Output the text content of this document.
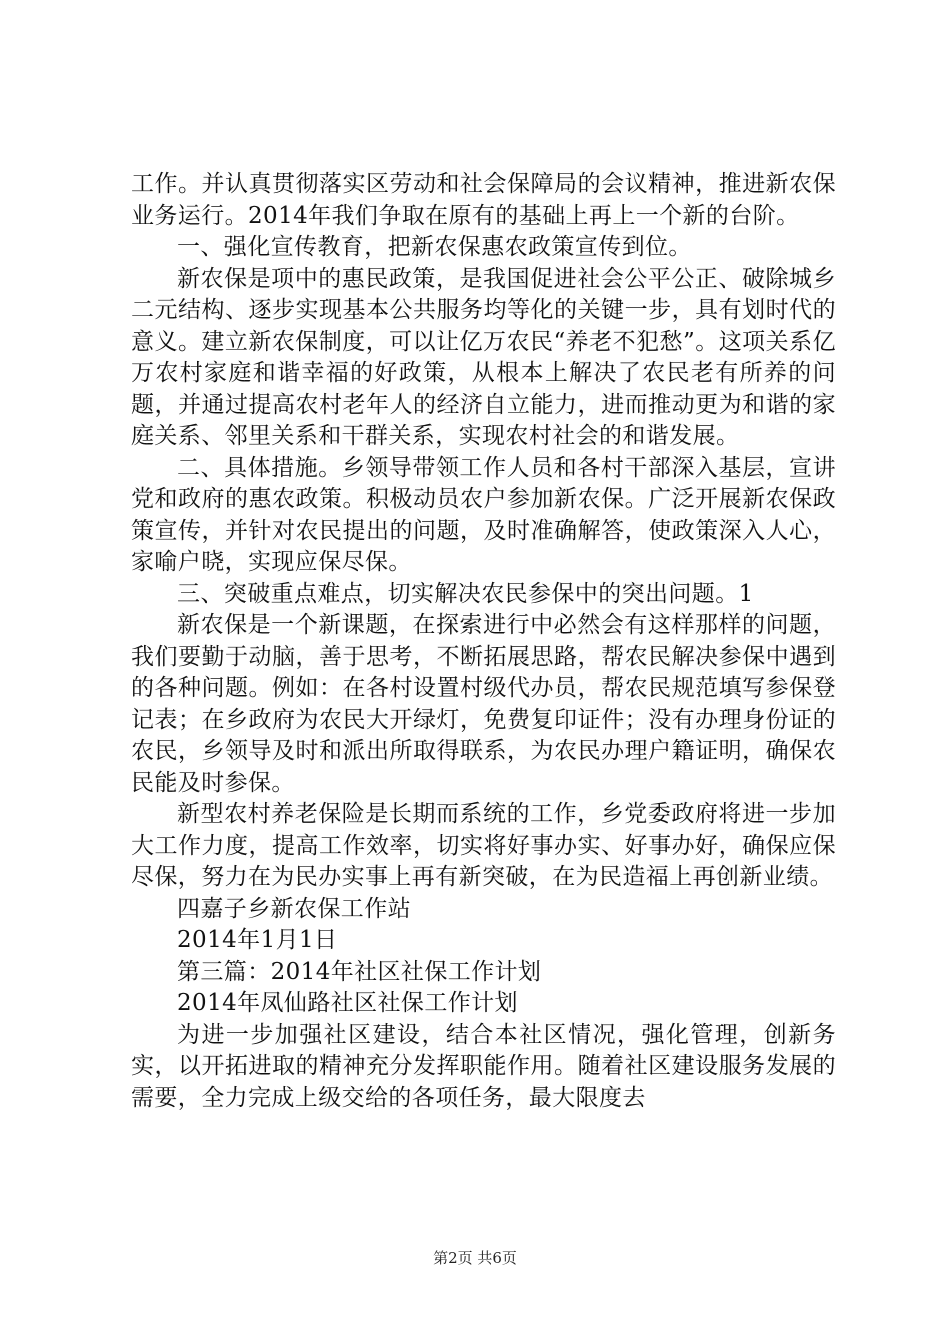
工作。并认真贯彻落实区劳动和社会保障局的会议精神，推进新农保业务运行。2014年我们争取在原有的基础上再上一个新的台阶。

一、强化宣传教育，把新农保惠农政策宣传到位。

新农保是项中的惠民政策，是我国促进社会公平公正、破除城乡二元结构、逐步实现基本公共服务均等化的关键一步，具有划时代的意义。建立新农保制度，可以让亿万农民“养老不犯愁”。这项关系亿万农村家庭和谐幸福的好政策，从根本上解决了农民老有所养的问题，并通过提高农村老年人的经济自立能力，进而推动更为和谐的家庭关系、邻里关系和干群关系，实现农村社会的和谐发展。

二、具体措施。乡领导带领工作人员和各村干部深入基层，宣讲党和政府的惠农政策。积极动员农户参加新农保。广泛开展新农保政策宣传，并针对农民提出的问题，及时准确解答，使政策深入人心，家喻户晓，实现应保尽保。

三、突破重点难点，切实解决农民参保中的突出问题。1

新农保是一个新课题，在探索进行中必然会有这样那样的问题，我们要勤于动脑，善于思考，不断拓展思路，帮农民解决参保中遇到的各种问题。例如：在各村设置村级代办员，帮农民规范填写参保登记表；在乡政府为农民大开绿灯，免费复印证件；没有办理身份证的农民，乡领导及时和派出所取得联系，为农民办理户籍证明，确保农民能及时参保。

新型农村养老保险是长期而系统的工作，乡党委政府将进一步加大工作力度，提高工作效率，切实将好事办实、好事办好，确保应保尽保，努力在为民办实事上再有新突破，在为民造福上再创新业绩。

四嘉子乡新农保工作站

2014年1月1日

第三篇：2014年社区社保工作计划

2014年凤仙路社区社保工作计划

为进一步加强社区建设，结合本社区情况，强化管理，创新务实，以开拓进取的精神充分发挥职能作用。随着社区建设服务发展的需要，全力完成上级交给的各项任务，最大限度去

第2页 共6页
